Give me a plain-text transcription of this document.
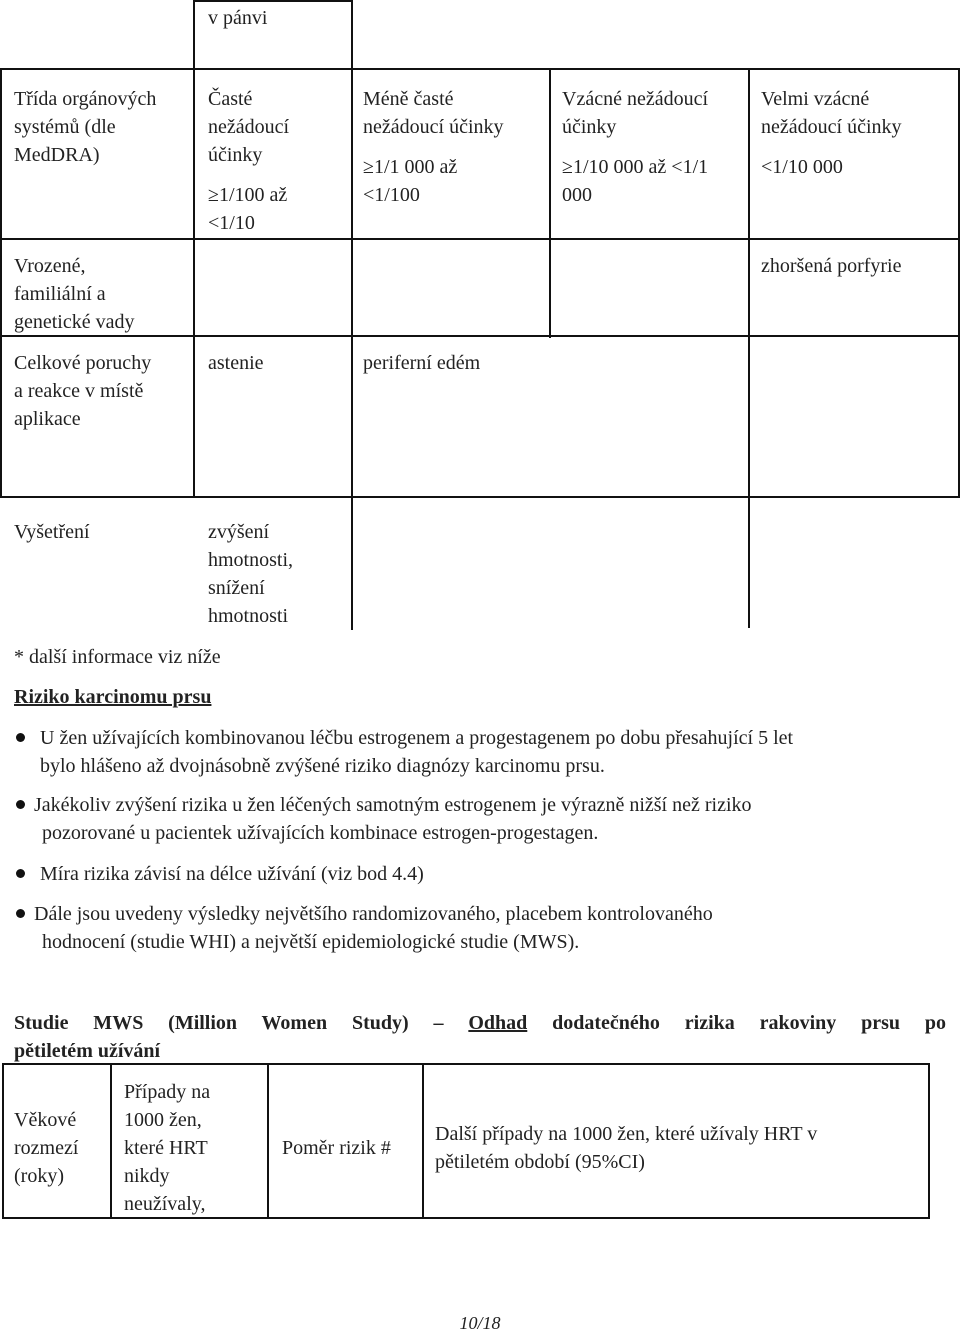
v pánvi

Třída orgánových

systémů (dle

MedDRA)

Časté

nežádoucí

účinky

≥1/100 až

<1/10

Méně časté

nežádoucí účinky

≥1/1 000 až

<1/100

Vzácné nežádoucí

účinky

≥1/10 000 až <1/1

000

Velmi vzácné

nežádoucí účinky

<1/10 000

Vrozené,

familiální a

genetické vady

zhoršená porfyrie

Celkové poruchy

a reakce v místě

aplikace

astenie	periferní edém
Vyšetření	zvýšení

hmotnosti,

snížení

hmotnosti

* další informace viz níže
Riziko karcinomu prsu

U žen užívajících kombinovanou léčbu estrogenem a progestagenem po dobu přesahující 5 let

bylo hlášeno až dvojnásobně zvýšené riziko diagnózy karcinomu prsu.

Jakékoliv zvýšení rizika u žen léčených samotným estrogenem je výrazně nižší než riziko

pozorované u pacientek užívajících kombinace estrogen-progestagen.

Míra rizika závisí na délce užívání (viz bod 4.4)

Dále jsou uvedeny výsledky největšího randomizovaného, placebem kontrolovaného

hodnocení (studie WHI) a největší epidemiologické studie (MWS).

Studie MWS (Million Women Study) – Odhad dodatečného rizika rakoviny prsu po
pětiletém užívání

Věkové

rozmezí

(roky)

Případy na

1000 žen,

které HRT

nikdy

neužívaly,

Poměr rizik #

Další případy na 1000 žen, které užívaly HRT v

pětiletém období (95%CI)

10/18
